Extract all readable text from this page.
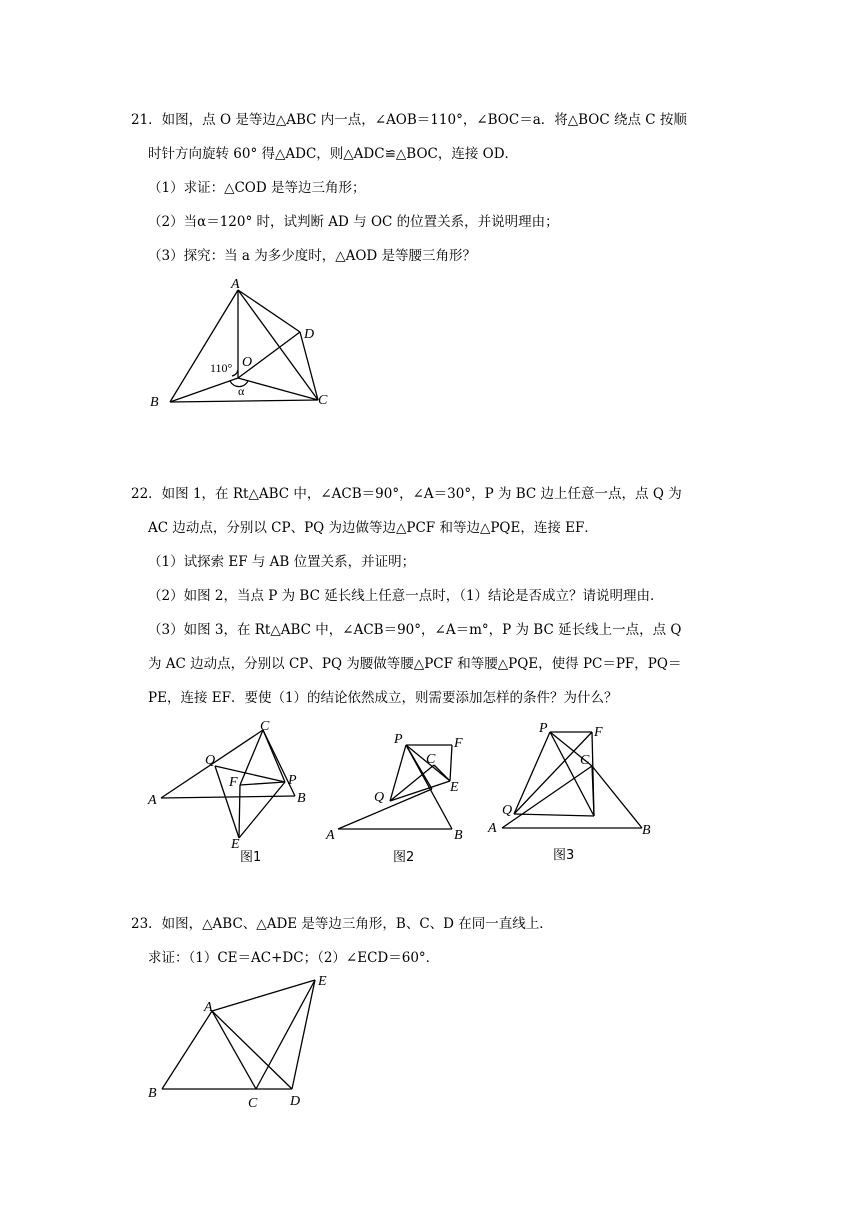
21．如图，点 O 是等边△ABC 内一点，∠AOB＝110°，∠BOC＝a．将△BOC 绕点 C 按顺
时针方向旋转 60° 得△ADC，则△ADC≌△BOC，连接 OD．
（1）求证：△COD 是等边三角形；
（2）当α＝120° 时，试判断 AD 与 OC 的位置关系，并说明理由；
（3）探究：当 a 为多少度时，△AOD 是等腰三角形？
A
B	C
D
O
110°
α
22．如图 1，在 Rt△ABC 中，∠ACB＝90°，∠A＝30°，P 为 BC 边上任意一点，点 Q 为
AC 边动点，分别以 CP、PQ 为边做等边△PCF 和等边△PQE，连接 EF．
（1）试探索 EF 与 AB 位置关系，并证明；
（2）如图 2，当点 P 为 BC 延长线上任意一点时，（1）结论是否成立？请说明理由．
（3）如图 3，在 Rt△ABC 中，∠ACB＝90°，∠A＝m°，P 为 BC 延长线上一点，点 Q
为 AC 边动点，分别以 CP、PQ 为腰做等腰△PCF 和等腰△PQE，使得 PC＝PF，PQ＝
PE，连接 EF．要使（1）的结论依然成立，则需要添加怎样的条件？为什么？
A	B
C
Q
F	P
E
图1
A	B
C
Q
F
P
E
图2
A	B
C
Q
F
P
图3
23．如图，△ABC、△ADE 是等边三角形，B、C、D 在同一直线上．
求证：（1）CE＝AC+DC；（2）∠ECD＝60°．
A
B
C D
E
